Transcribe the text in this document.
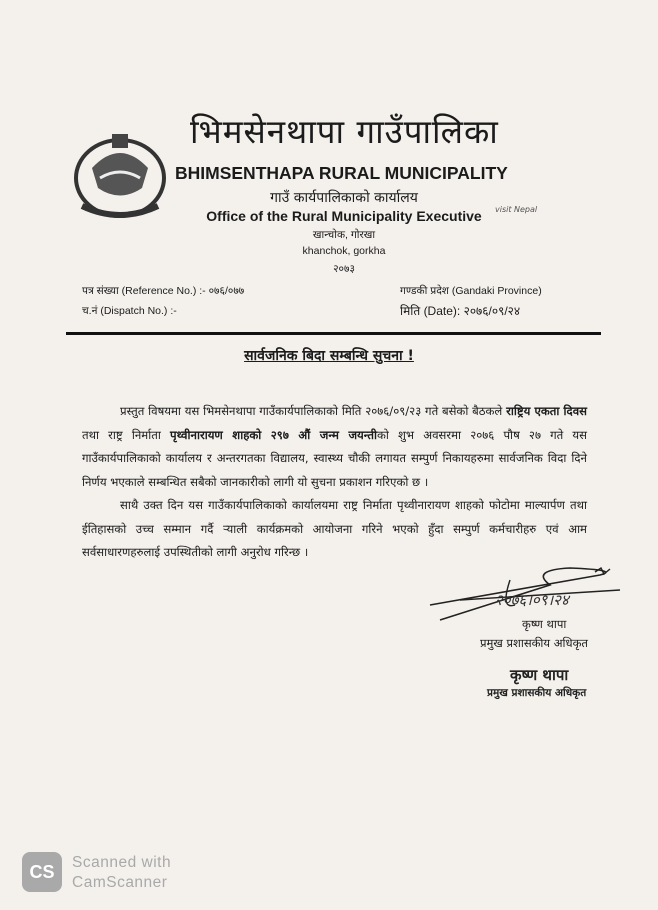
भिमसेनथापा गाउँपालिका
BHIMSENTHAPA RURAL MUNICIPALITY
गाउँ कार्यपालिकाको कार्यालय
Office of the Rural Municipality Executive
खान्चोक, गोरखा
khanchok, gorkha
२०७३
visit Nepal
पत्र संख्या (Reference No.) :- ०७६/०७७
च.नं (Dispatch No.) :-
गण्डकी प्रदेश (Gandaki Province)
मिति (Date): २०७६/०९/२४
सार्वजनिक बिदा सम्बन्धि सुचना !

प्रस्तुत विषयमा यस भिमसेनथापा गाउँकार्यपालिकाको मिति २०७६/०९/२३ गते बसेको बैठकले राष्ट्रिय एकता दिवस तथा राष्ट्र निर्माता पृथ्वीनारायण शाहको २९७ औं जन्म जयन्तीको शुभ अवसरमा २०७६ पौष २७ गते यस गाउँकार्यपालिकाको कार्यालय र अन्तरगतका विद्यालय, स्वास्थ्य चौकी लगायत सम्पुर्ण निकायहरुमा सार्वजनिक विदा दिने निर्णय भएकाले सम्बन्धित सबैको जानकारीको लागी यो सुचना प्रकाशन गरिएको छ ।

साथै उक्त दिन यस गाउँकार्यपालिकाको कार्यालयमा राष्ट्र निर्माता पृथ्वीनारायण शाहको फोटोमा माल्यार्पण तथा ईतिहासको उच्च सम्मान गर्दै र्‍याली कार्यक्रमको आयोजना गरिने भएको हुँदा सम्पुर्ण कर्मचारीहरु एवं आम सर्वसाधारणहरुलाई उपस्थितीको लागी अनुरोध गरिन्छ ।

२०७६।०९।२४
कृष्ण थापा
प्रमुख प्रशासकीय अधिकृत
कृष्ण थापा
प्रमुख प्रशासकीय अधिकृत
CS	Scanned with
CamScanner
